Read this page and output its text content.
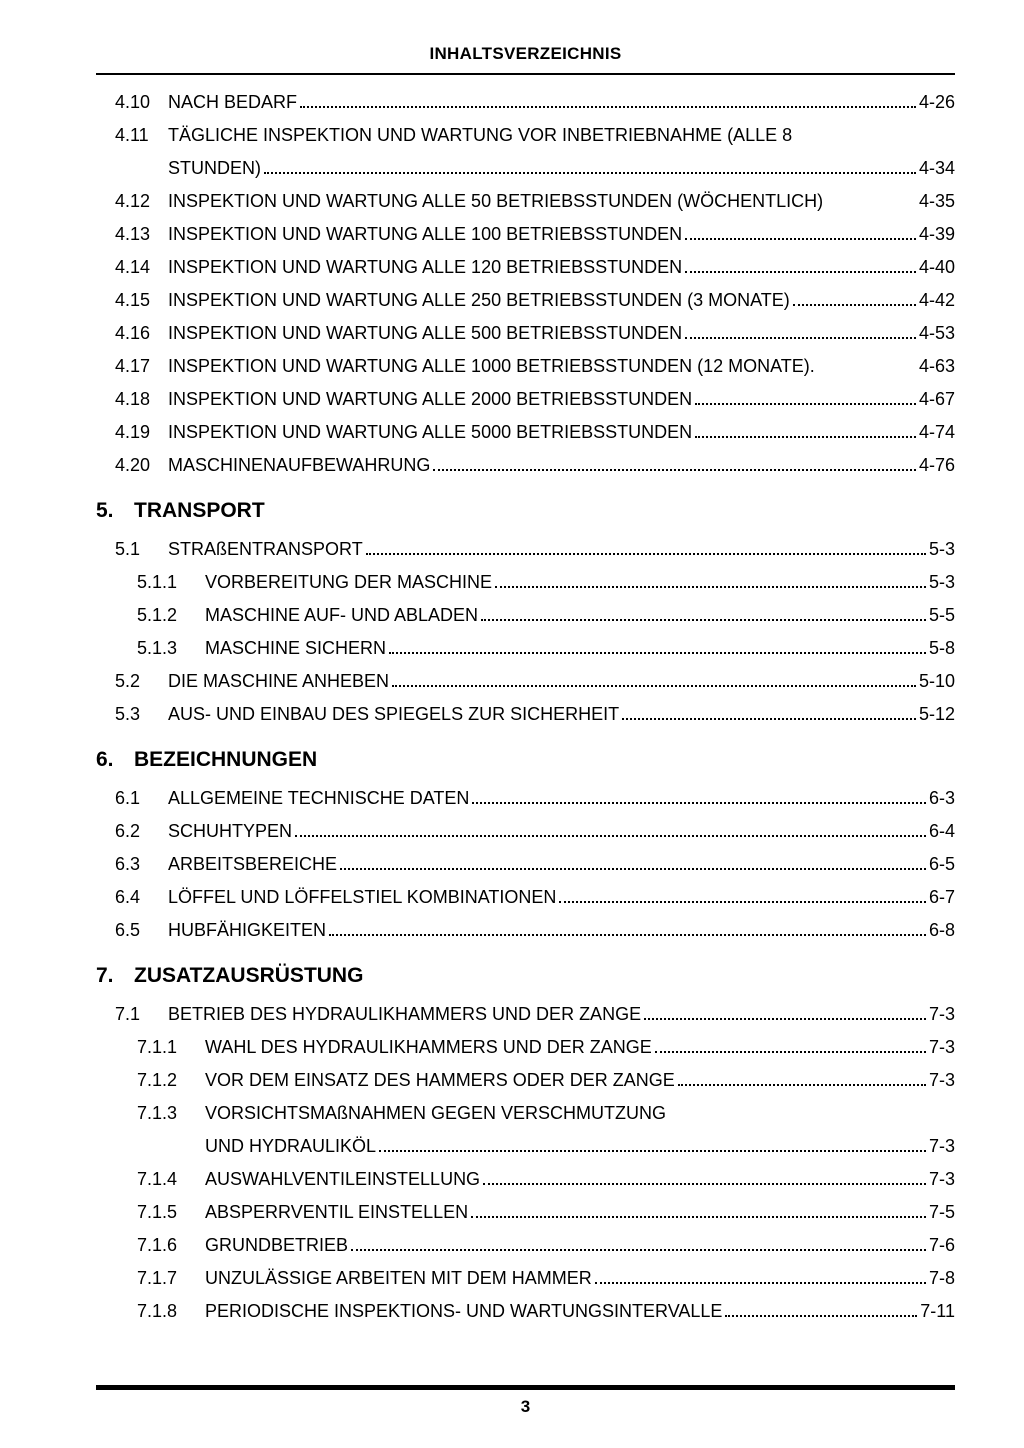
INHALTSVERZEICHNIS
4.10 NACH BEDARF	4-26
4.11	TÄGLICHE INSPEKTION UND WARTUNG VOR INBETRIEBNAHME (ALLE 8
STUNDEN)	4-34
4.12 INSPEKTION UND WARTUNG ALLE 50 BETRIEBSSTUNDEN (WÖCHENTLICH)	4-35
4.13 INSPEKTION UND WARTUNG ALLE 100 BETRIEBSSTUNDEN	4-39
4.14 INSPEKTION UND WARTUNG ALLE 120 BETRIEBSSTUNDEN	4-40
4.15 INSPEKTION UND WARTUNG ALLE 250 BETRIEBSSTUNDEN (3 MONATE)	4-42
4.16 INSPEKTION UND WARTUNG ALLE 500 BETRIEBSSTUNDEN	4-53
4.17 INSPEKTION UND WARTUNG ALLE 1000 BETRIEBSSTUNDEN (12 MONATE).	4-63
4.18 INSPEKTION UND WARTUNG ALLE 2000 BETRIEBSSTUNDEN	4-67
4.19 INSPEKTION UND WARTUNG ALLE 5000 BETRIEBSSTUNDEN	4-74
4.20 MASCHINENAUFBEWAHRUNG	4-76
5. TRANSPORT
5.1	STRAßENTRANSPORT	5-3
5.1.1	VORBEREITUNG DER MASCHINE	5-3
5.1.2	MASCHINE AUF- UND ABLADEN	5-5
5.1.3	MASCHINE SICHERN	5-8
5.2	DIE MASCHINE ANHEBEN	5-10
5.3	AUS- UND EINBAU DES SPIEGELS ZUR SICHERHEIT	5-12
6. BEZEICHNUNGEN
6.1	ALLGEMEINE TECHNISCHE DATEN	6-3
6.2	SCHUHTYPEN	6-4
6.3	ARBEITSBEREICHE	6-5
6.4	LÖFFEL UND LÖFFELSTIEL KOMBINATIONEN	6-7
6.5	HUBFÄHIGKEITEN	6-8
7. ZUSATZAUSRÜSTUNG
7.1	BETRIEB DES HYDRAULIKHAMMERS UND DER ZANGE	7-3
7.1.1	WAHL DES HYDRAULIKHAMMERS UND DER ZANGE	7-3
7.1.2	VOR DEM EINSATZ DES HAMMERS ODER DER ZANGE	7-3
7.1.3	VORSICHTSMAßNAHMEN GEGEN VERSCHMUTZUNG
UND HYDRAULIKÖL	7-3
7.1.4	AUSWAHLVENTILEINSTELLUNG	7-3
7.1.5	ABSPERRVENTIL EINSTELLEN	7-5
7.1.6	GRUNDBETRIEB	7-6
7.1.7	UNZULÄSSIGE ARBEITEN MIT DEM HAMMER	7-8
7.1.8	PERIODISCHE INSPEKTIONS- UND WARTUNGSINTERVALLE	7-11
3
